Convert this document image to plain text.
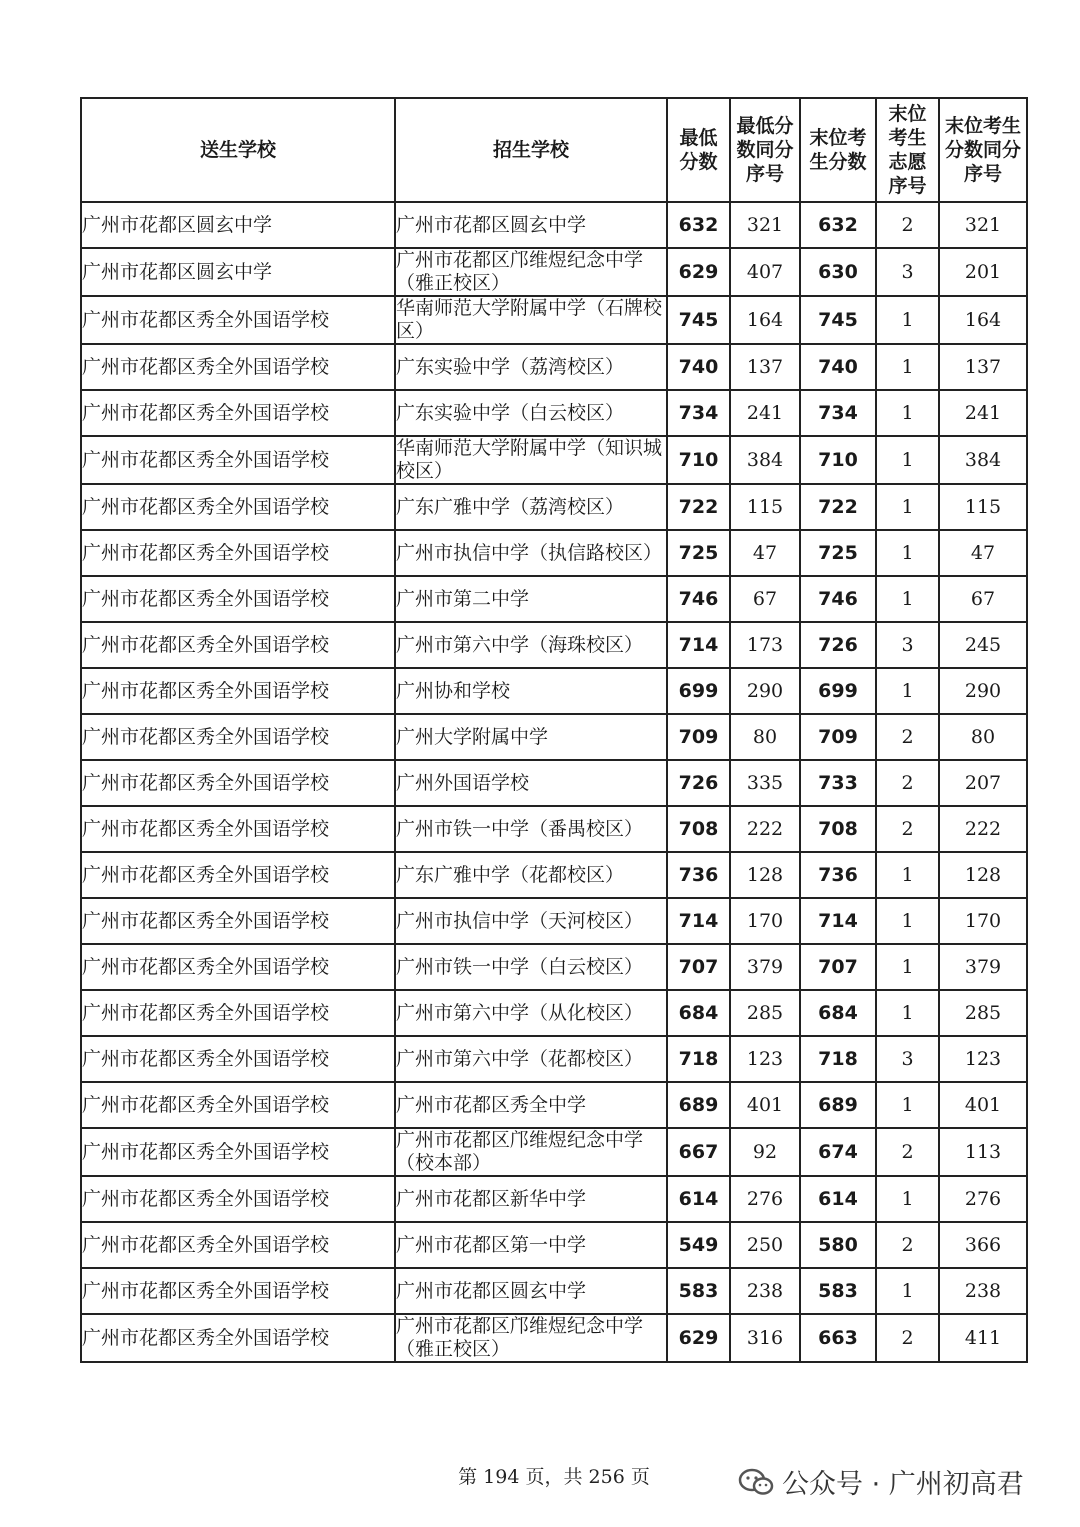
送生学校	招生学校	最低分数	最低分数同分序号	末位考生分数	末位考生志愿序号	末位考生分数同分序号

广州市花都区圆玄中学	广州市花都区圆玄中学	632	321	632	2	321

广州市花都区圆玄中学	广州市花都区邝维煜纪念中学（雅正校区）	629	407	630	3	201

广州市花都区秀全外国语学校	华南师范大学附属中学（石牌校区）	745	164	745	1	164

广州市花都区秀全外国语学校	广东实验中学（荔湾校区）	740	137	740	1	137

广州市花都区秀全外国语学校	广东实验中学（白云校区）	734	241	734	1	241

广州市花都区秀全外国语学校	华南师范大学附属中学（知识城校区）	710	384	710	1	384

广州市花都区秀全外国语学校	广东广雅中学（荔湾校区）	722	115	722	1	115

广州市花都区秀全外国语学校	广州市执信中学（执信路校区）	725	47	725	1	47

广州市花都区秀全外国语学校	广州市第二中学	746	67	746	1	67

广州市花都区秀全外国语学校	广州市第六中学（海珠校区）	714	173	726	3	245

广州市花都区秀全外国语学校	广州协和学校	699	290	699	1	290

广州市花都区秀全外国语学校	广州大学附属中学	709	80	709	2	80

广州市花都区秀全外国语学校	广州外国语学校	726	335	733	2	207

广州市花都区秀全外国语学校	广州市铁一中学（番禺校区）	708	222	708	2	222

广州市花都区秀全外国语学校	广东广雅中学（花都校区）	736	128	736	1	128

广州市花都区秀全外国语学校	广州市执信中学（天河校区）	714	170	714	1	170

广州市花都区秀全外国语学校	广州市铁一中学（白云校区）	707	379	707	1	379

广州市花都区秀全外国语学校	广州市第六中学（从化校区）	684	285	684	1	285

广州市花都区秀全外国语学校	广州市第六中学（花都校区）	718	123	718	3	123

广州市花都区秀全外国语学校	广州市花都区秀全中学	689	401	689	1	401

广州市花都区秀全外国语学校	广州市花都区邝维煜纪念中学（校本部）	667	92	674	2	113

广州市花都区秀全外国语学校	广州市花都区新华中学	614	276	614	1	276

广州市花都区秀全外国语学校	广州市花都区第一中学	549	250	580	2	366

广州市花都区秀全外国语学校	广州市花都区圆玄中学	583	238	583	1	238

广州市花都区秀全外国语学校	广州市花都区邝维煜纪念中学（雅正校区）	629	316	663	2	411
第 194 页，共 256 页	公众号 · 广州初高君
